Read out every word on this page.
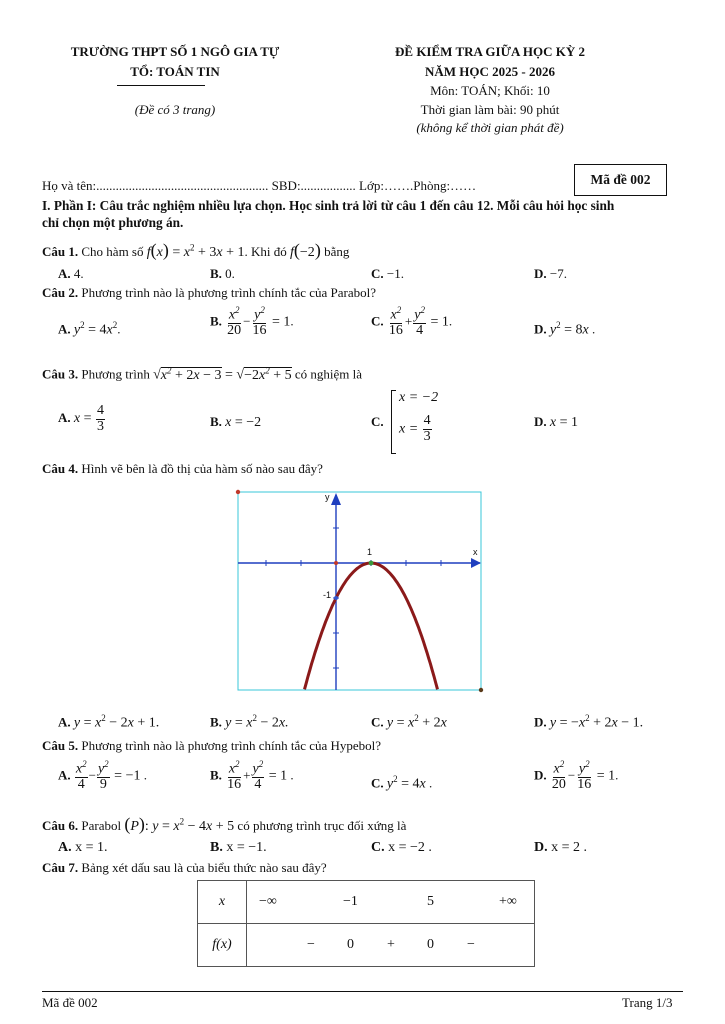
TRƯỜNG THPT SỐ 1 NGÔ GIA TỰ
TỔ: TOÁN TIN
(Đề có 3 trang)
ĐỀ KIỂM TRA GIỮA HỌC KỲ 2
NĂM HỌC 2025 - 2026
Môn: TOÁN; Khối: 10
Thời gian làm bài: 90 phút
(không kể thời gian phát đề)
Mã đề 002
Họ và tên:..................................................... SBD:................. Lớp:…….Phòng:……
I. Phần I: Câu trắc nghiệm nhiều lựa chọn. Học sinh trả lời từ câu 1 đến câu 12. Mỗi câu hỏi học sinh
chỉ chọn một phương án.
Câu 1. Cho hàm số $f(x) = x^2 + 3x + 1$. Khi đó f(−2) bằng
A. 4.	B. 0.	C. −1.	D. −7.
Câu 2. Phương trình nào là phương trình chính tắc của Parabol?
A. $y^2 = 4x^2$.
B. $\frac{x^2}{20} - \frac{y^2}{16} = 1$.	C. $\frac{x^2}{16} + \frac{y^2}{4} = 1$.
D. $y^2 = 8x$ .
Câu 3. Phương trình $√x^2 + 2x - 3 = √-2x^2 + 5$ có nghiệm là
A. $x = \frac{4}{3}$	B. x = −2	C.
x = −2
$x = \frac{4}{3}$	D. x = 1
Câu 4. Hình vẽ bên là đồ thị của hàm số nào sau đây?
x
y
1
-1
A. $y = x^2 - 2x + 1$.	B. $y = x^2 - 2x$.	C. $y = x^2 + 2x$	D. $y = -x^2 + 2x - 1$.
Câu 5. Phương trình nào là phương trình chính tắc của Hypebol?
A. $\frac{x^2}{4} - \frac{y^2}{9} = -1$ .	B. $\frac{x^2}{16} + \frac{y^2}{4} = 1$ .
C. $y^2 = 4x$ .
D. $\frac{x^2}{20} - \frac{y^2}{16} = 1$.
Câu 6. Parabol (P): $y = x^2 - 4x + 5$ có phương trình trục đối xứng là
A. x = 1.	B. x = −1.	C. x = −2 .	D. x = 2 .
Câu 7. Bảng xét dấu sau là của biểu thức nào sau đây?
x	−∞ −1 5 +∞

f(x)	− 0 + 0 −
Mã đề 002	Trang 1/3
